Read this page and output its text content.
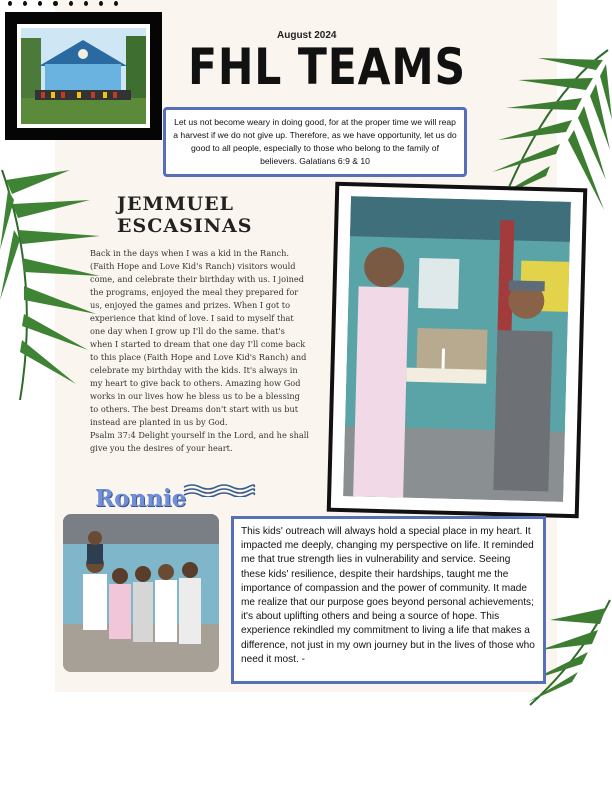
August 2024
FHL TEAMS
Let us not become weary in doing good, for at the proper time we will reap a harvest if we do not give up. Therefore, as we have opportunity, let us do good to all people, especially to those who belong to the family of believers. Galatians 6:9 & 10
JEMMUEL
ESCASINAS
Back in the days when I was a kid in the Ranch.
(Faith Hope and Love Kid's Ranch) visitors would
come, and celebrate their birthday with us. I joined
the programs, enjoyed the meal they prepared for
us, enjoyed the games and prizes. When I got to
experience that kind of love. I said to myself that
one day when I grow up I'll do the same. that's
when I started to dream that one day I'll come back
to this place (Faith Hope and Love Kid's Ranch) and
celebrate my birthday with the kids. It's always in
my heart to give back to others. Amazing how God
works in our lives how he bless us to be a blessing
to others. The best Dreams don't start with us but
instead are planted in us by God.
Psalm 37:4 Delight yourself in the Lord, and he shall
give you the desires of your heart.
Ronnie
This kids' outreach will always hold a special place in my heart. It impacted me deeply, changing my perspective on life. It reminded me that true strength lies in vulnerability and service. Seeing these kids' resilience, despite their hardships, taught me the importance of compassion and the power of community. It made me realize that our purpose goes beyond personal achievements; it's about uplifting others and being a source of hope. This experience rekindled my commitment to living a life that makes a difference, not just in my own journey but in the lives of those who need it most. -
